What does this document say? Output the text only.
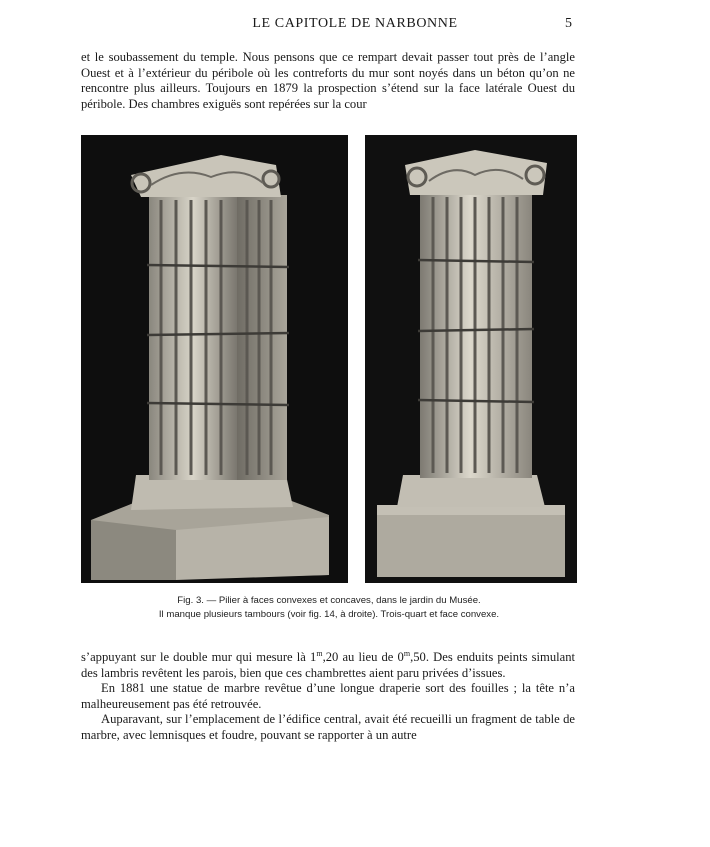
LE CAPITOLE DE NARBONNE	5

et le soubassement du temple. Nous pensons que ce rempart devait passer tout près de l’angle Ouest et à l’extérieur du péribole où les contreforts du mur sont noyés dans un béton qu’on ne rencontre plus ailleurs. Toujours en 1879 la prospection s’étend sur la face latérale Ouest du péribole. Des chambres exiguës sont repérées sur la cour

Fig. 3. — Pilier à faces convexes et concaves, dans le jardin du Musée.
Il manque plusieurs tambours (voir fig. 14, à droite). Trois-quart et face convexe.

s’appuyant sur le double mur qui mesure là 1$^m$,20 au lieu de 0$^m$,50. Des enduits peints simulant des lambris revêtent les parois, bien que ces chambrettes aient paru privées d’issues.

En 1881 une statue de marbre revêtue d’une longue draperie sort des fouilles ; la tête n’a malheureusement pas été retrouvée.

Auparavant, sur l’emplacement de l’édifice central, avait été recueilli un fragment de table de marbre, avec lemnisques et foudre, pouvant se rapporter à un autre
